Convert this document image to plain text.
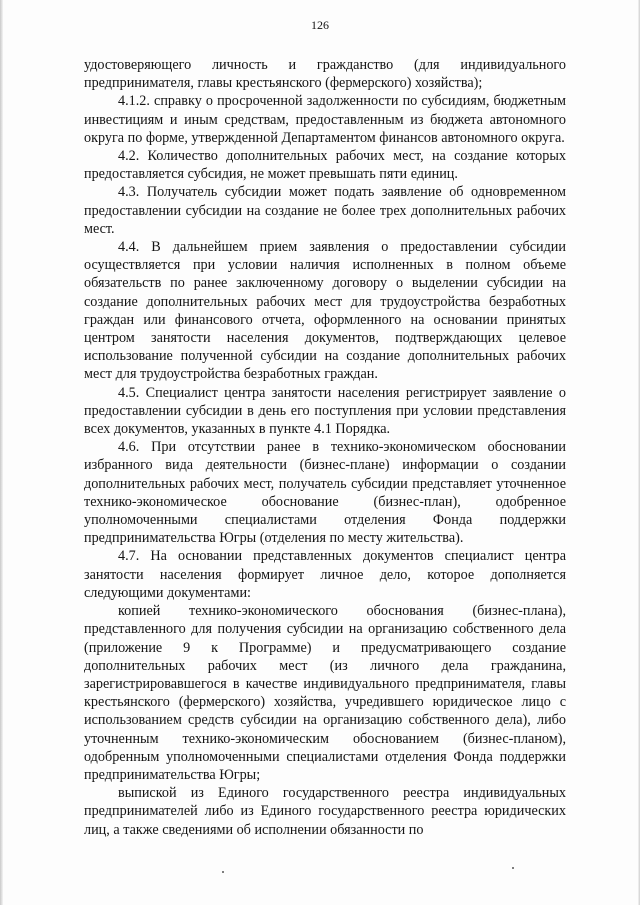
126

удостоверяющего личность и гражданство (для индивидуального предпринимателя, главы крестьянского (фермерского) хозяйства);

4.1.2. справку о просроченной задолженности по субсидиям, бюджетным инвестициям и иным средствам, предоставленным из бюджета автономного округа по форме, утвержденной Департаментом финансов автономного округа.

4.2. Количество дополнительных рабочих мест, на создание которых предоставляется субсидия, не может превышать пяти единиц.

4.3. Получатель субсидии может подать заявление об одновременном предоставлении субсидии на создание не более трех дополнительных рабочих мест.

4.4. В дальнейшем прием заявления о предоставлении субсидии осуществляется при условии наличия исполненных в полном объеме обязательств по ранее заключенному договору о выделении субсидии на создание дополнительных рабочих мест для трудоустройства безработных граждан или финансового отчета, оформленного на основании принятых центром занятости населения документов, подтверждающих целевое использование полученной субсидии на создание дополнительных рабочих мест для трудоустройства безработных граждан.

4.5. Специалист центра занятости населения регистрирует заявление о предоставлении субсидии в день его поступления при условии представления всех документов, указанных в пункте 4.1 Порядка.

4.6. При отсутствии ранее в технико-экономическом обосновании избранного вида деятельности (бизнес-плане) информации о создании дополнительных рабочих мест, получатель субсидии представляет уточненное технико-экономическое обоснование (бизнес-план), одобренное уполномоченными специалистами отделения Фонда поддержки предпринимательства Югры (отделения по месту жительства).

4.7. На основании представленных документов специалист центра занятости населения формирует личное дело, которое дополняется следующими документами:

копией технико-экономического обоснования (бизнес-плана), представленного для получения субсидии на организацию собственного дела (приложение 9 к Программе) и предусматривающего создание дополнительных рабочих мест (из личного дела гражданина, зарегистрировавшегося в качестве индивидуального предпринимателя, главы крестьянского (фермерского) хозяйства, учредившего юридическое лицо с использованием средств субсидии на организацию собственного дела), либо уточненным технико-экономическим обоснованием (бизнес-планом), одобренным уполномоченными специалистами отделения Фонда поддержки предпринимательства Югры;

выпиской из Единого государственного реестра индивидуальных предпринимателей либо из Единого государственного реестра юридических лиц, а также сведениями об исполнении обязанности по
